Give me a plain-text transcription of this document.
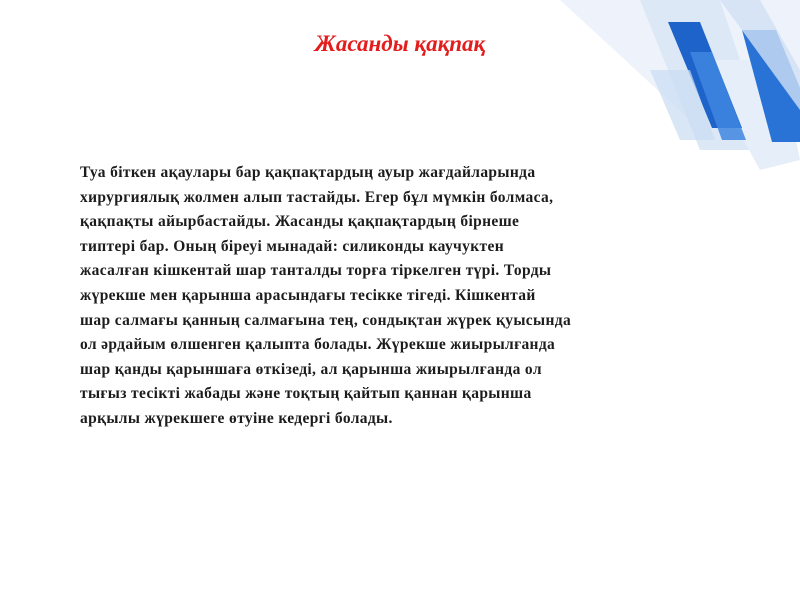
Жасанды қақпақ

Туа біткен ақаулары бар қақпақтардың ауыр жағдайларында
хирургиялық жолмен алып тастайды. Егер бұл мүмкін болмаса,
қақпақты айырбастайды. Жасанды қақпақтардың бірнеше
типтері бар. Оның біреуі мынадай: силиконды каучуктен
жасалған кішкентай шар танталды торға тіркелген түрі. Торды
жүрекше мен қарынша арасындағы тесікке тігеді. Кішкентай
шар салмағы қанның салмағына тең, сондықтан жүрек қуысында
ол әрдайым өлшенген қалыпта болады. Жүрекше жиырылғанда
шар қанды қарыншаға өткізеді, ал қарынша жиырылғанда ол
тығыз тесікті жабады және тоқтың қайтып қаннан қарынша
арқылы жүрекшеге өтуіне кедергі болады.
